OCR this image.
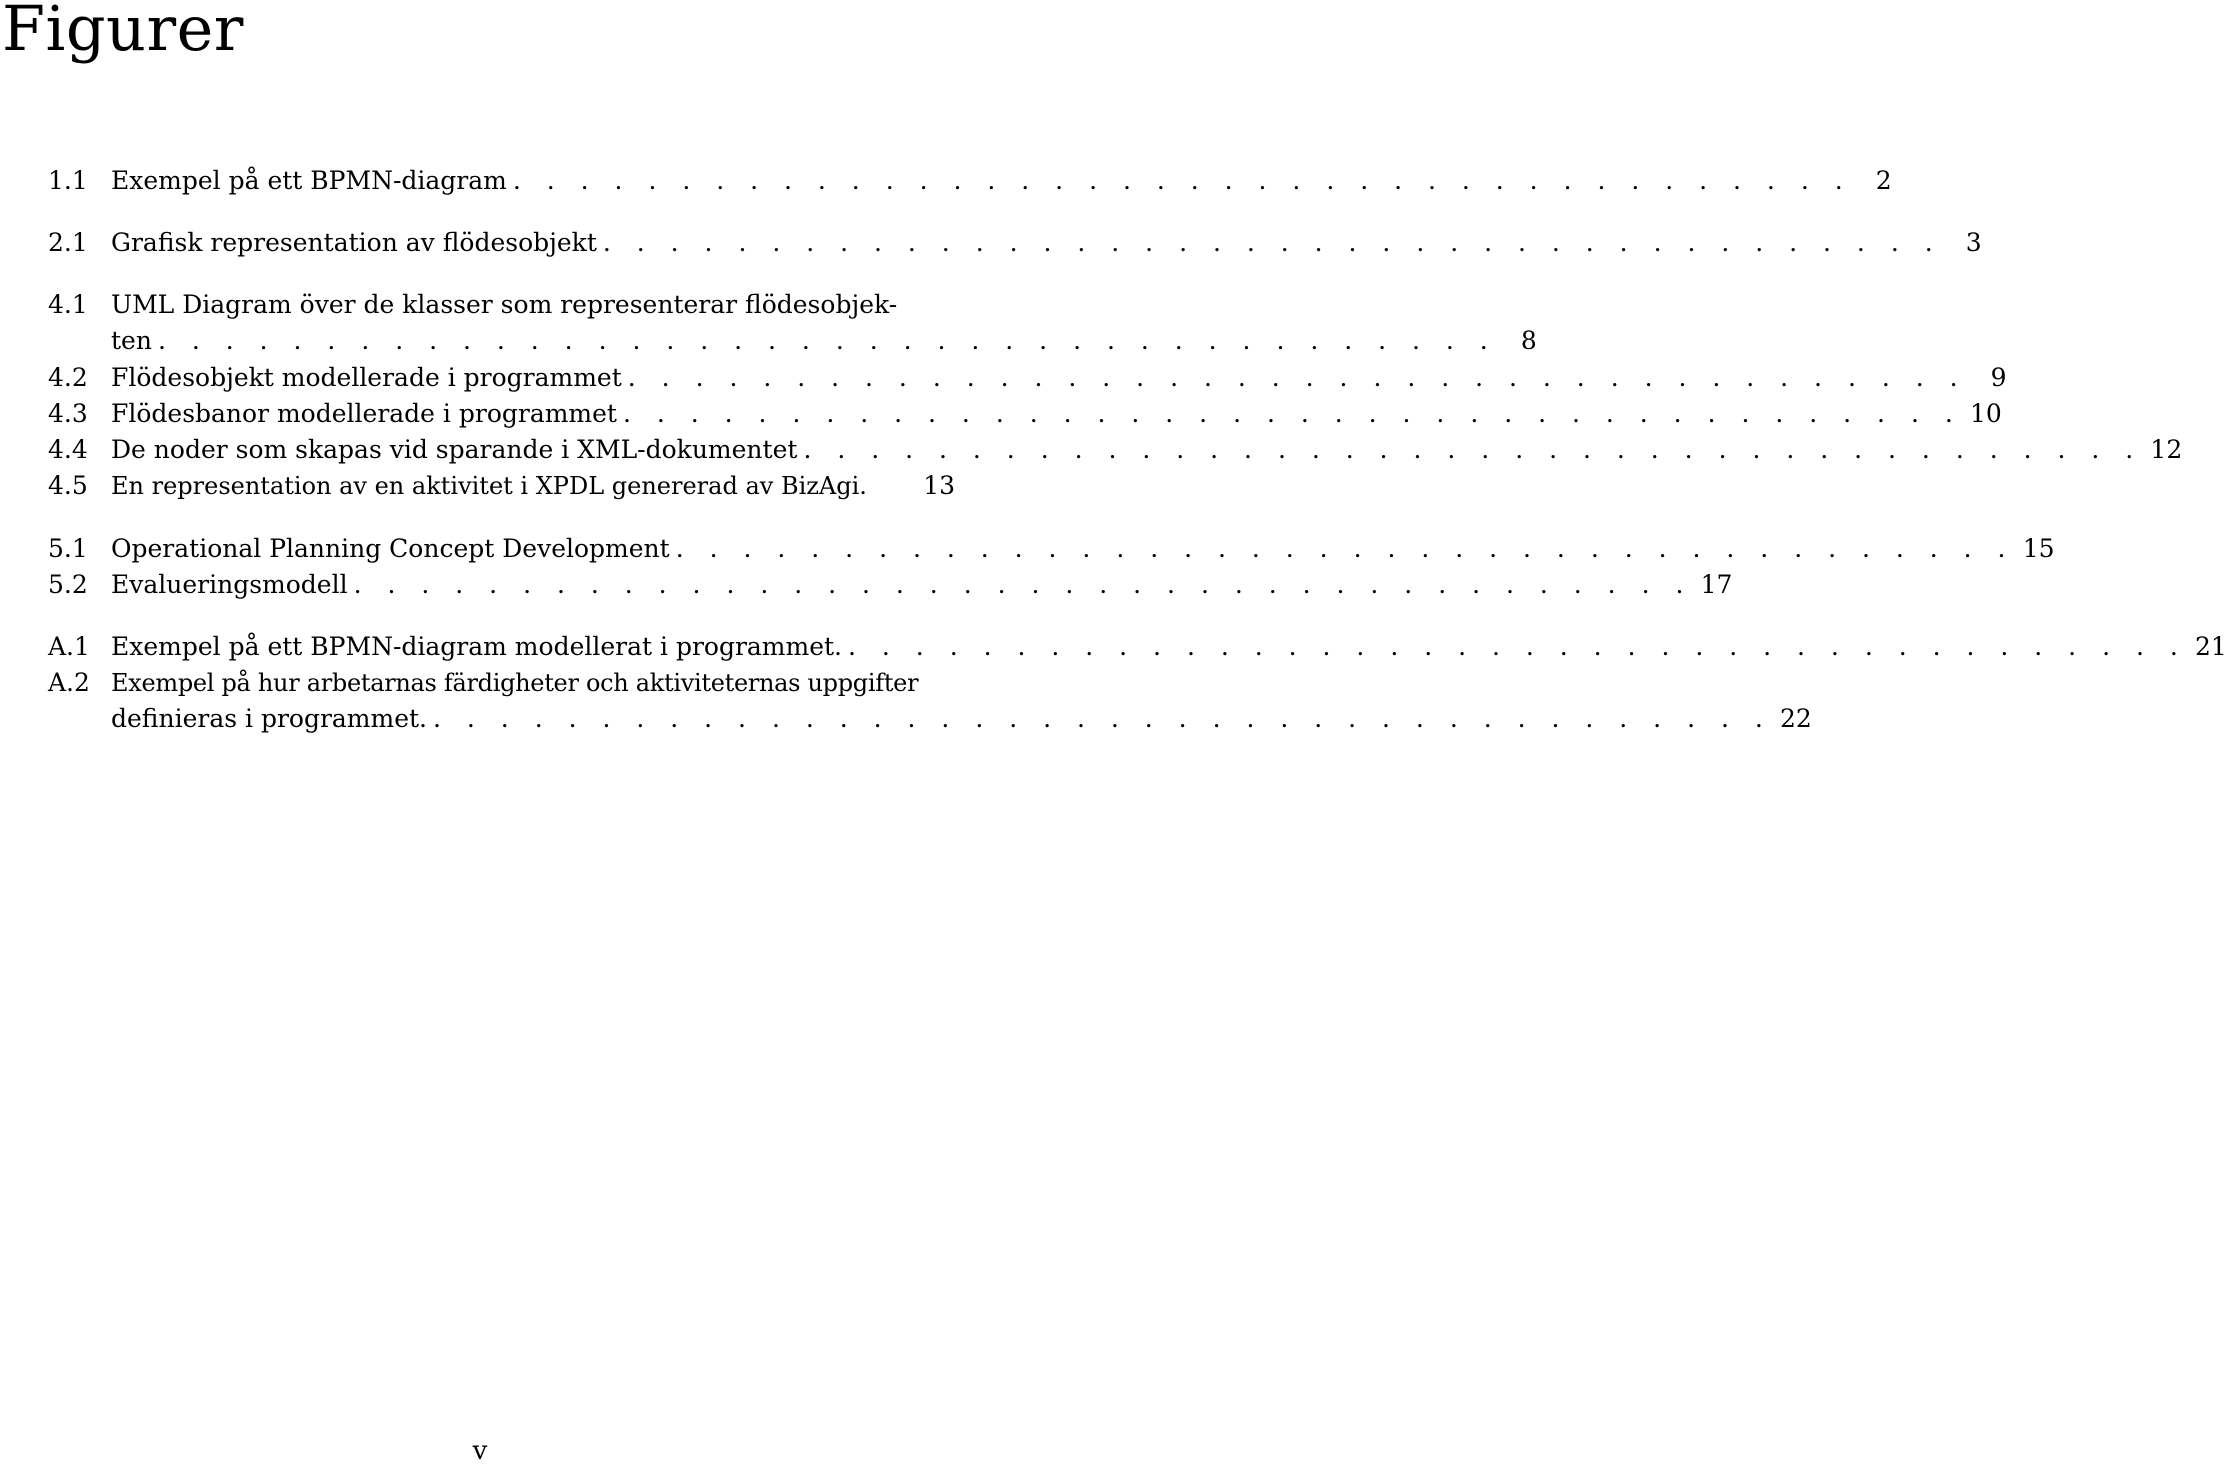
Figurer
1.1 Exempel på ett BPMN-diagram . . . . . . . . . . . . . . . . . . . . . . . . . . . . . . . . . . . . . . . . 2
2.1 Grafisk representation av flödesobjekt . . . . . . . . . . . . . . . . . . . . . . . . . . . . . . . . . . . . . . . . 3
4.1 UML Diagram över de klasser som representerar flödesobjek-
ten . . . . . . . . . . . . . . . . . . . . . . . . . . . . . . . . . . . . . . . . 8
4.2 Flödesobjekt modellerade i programmet . . . . . . . . . . . . . . . . . . . . . . . . . . . . . . . . . . . . . . . . 9
4.3 Flödesbanor modellerade i programmet . . . . . . . . . . . . . . . . . . . . . . . . . . . . . . . . . . . . . . . . 10
4.4 De noder som skapas vid sparande i XML-dokumentet . . . . . . . . . . . . . . . . . . . . . . . . . . . . . . . . . . . . . . . . 12
4.5 En representation av en aktivitet i XPDL genererad av BizAgi.	13
5.1 Operational Planning Concept Development . . . . . . . . . . . . . . . . . . . . . . . . . . . . . . . . . . . . . . . . 15
5.2 Evalueringsmodell . . . . . . . . . . . . . . . . . . . . . . . . . . . . . . . . . . . . . . . . 17
A.1 Exempel på ett BPMN-diagram modellerat i programmet. . . . . . . . . . . . . . . . . . . . . . . . . . . . . . . . . . . . . . . . . 21
A.2 Exempel på hur arbetarnas färdigheter och aktiviteternas uppgifter
definieras i programmet. . . . . . . . . . . . . . . . . . . . . . . . . . . . . . . . . . . . . . . . . 22
v
